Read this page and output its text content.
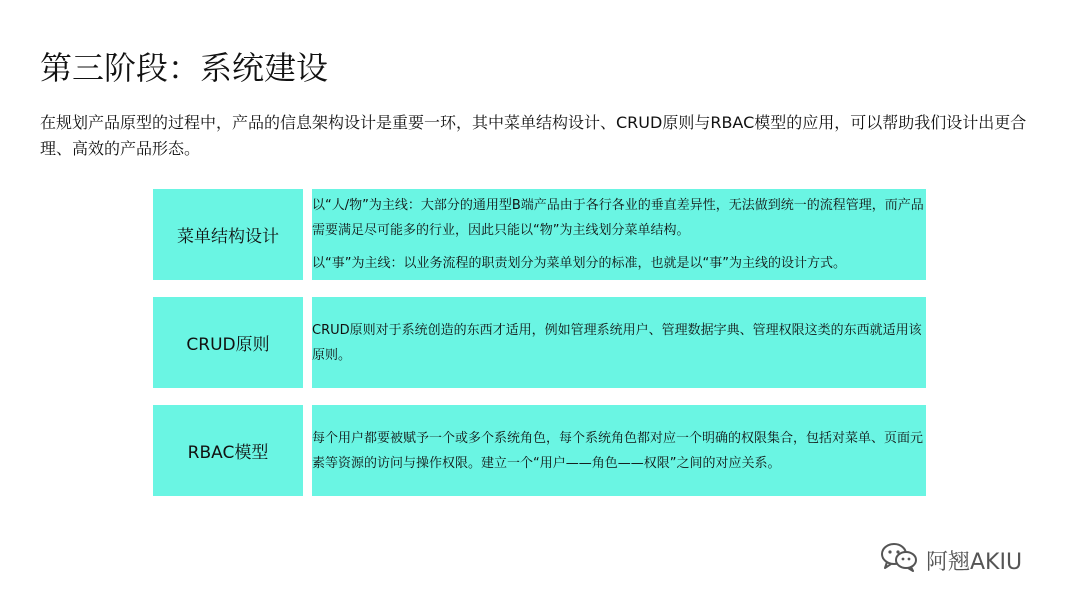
第三阶段：系统建设
在规划产品原型的过程中，产品的信息架构设计是重要一环，其中菜单结构设计、CRUD原则与RBAC模型的应用，可以帮助我们设计出更合理、高效的产品形态。
菜单结构设计

以“人/物”为主线：大部分的通用型B端产品由于各行各业的垂直差异性，无法做到统一的流程管理，而产品需要满足尽可能多的行业，因此只能以“物”为主线划分菜单结构。

以“事”为主线：以业务流程的职责划分为菜单划分的标准，也就是以“事”为主线的设计方式。

CRUD原则

CRUD原则对于系统创造的东西才适用，例如管理系统用户、管理数据字典、管理权限这类的东西就适用该原则。

RBAC模型

每个用户都要被赋予一个或多个系统角色，每个系统角色都对应一个明确的权限集合，包括对菜单、页面元素等资源的访问与操作权限。建立一个“用户——角色——权限”之间的对应关系。

阿翘AKIU
